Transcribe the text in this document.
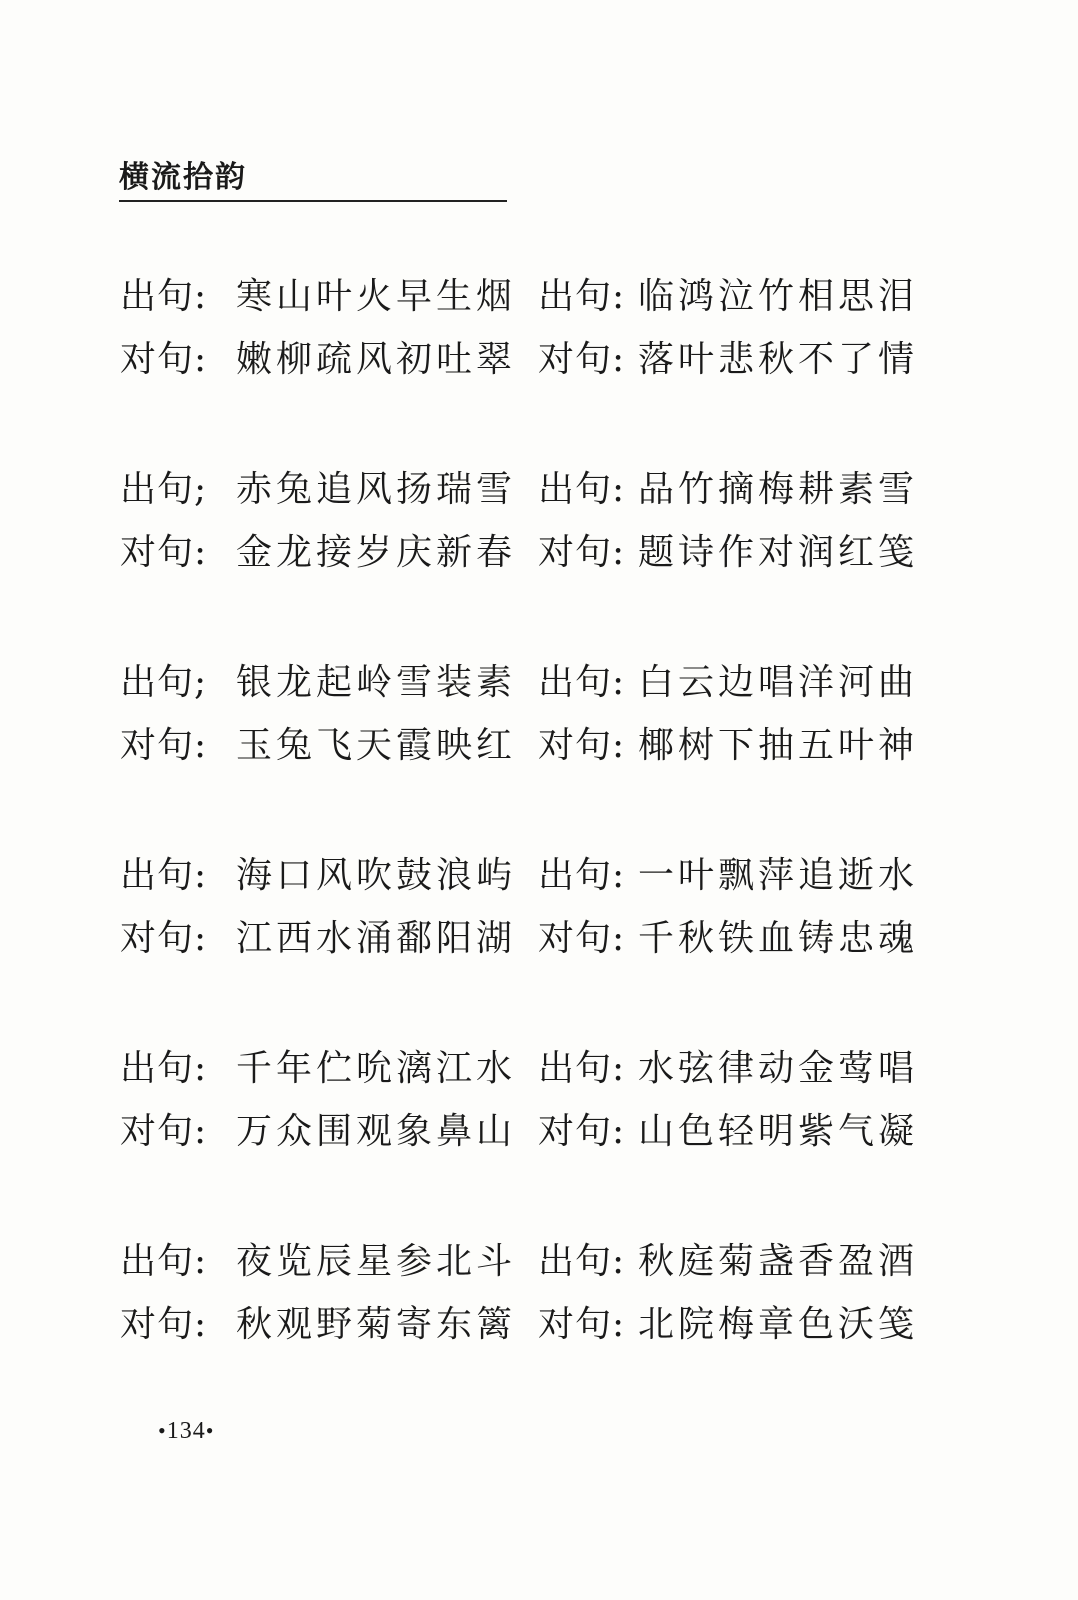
横流拾韵
出句: 寒山叶火早生烟 出句: 临鸿泣竹相思泪
对句: 嫩柳疏风初吐翠 对句: 落叶悲秋不了情
出句; 赤兔追风扬瑞雪 出句: 品竹摘梅耕素雪
对句: 金龙接岁庆新春 对句: 题诗作对润红笺
出句; 银龙起岭雪装素 出句: 白云边唱洋河曲
对句: 玉兔飞天霞映红 对句: 椰树下抽五叶神
出句: 海口风吹鼓浪屿 出句: 一叶飘萍追逝水
对句: 江西水涌鄱阳湖 对句: 千秋铁血铸忠魂
出句: 千年伫吮漓江水 出句: 水弦律动金莺唱
对句: 万众围观象鼻山 对句: 山色轻明紫气凝
出句: 夜览辰星参北斗 出句: 秋庭菊盏香盈酒
对句: 秋观野菊寄东篱 对句: 北院梅章色沃笺
•134•
